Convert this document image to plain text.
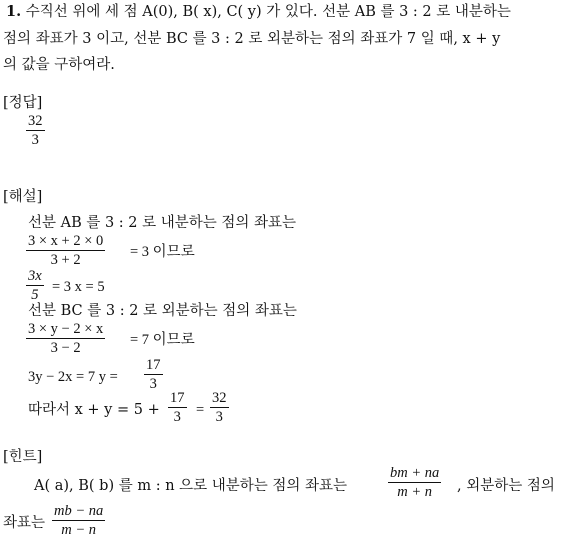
1. 수직선 위에 세 점 A(0), B( x), C( y) 가 있다. 선분 AB 를 3 : 2 로 내분하는
점의 좌표가 3 이고, 선분 BC 를 3 : 2 로 외분하는 점의 좌표가 7 일 때, x + y
의 값을 구하여라.
[정답]
32
3
[해설]
선분 AB 를 3 : 2 로 내분하는 점의 좌표는
3 × x + 2 × 0
3 + 2	= 3 이므로
3x
5 = 3 x = 5
선분 BC 를 3 : 2 로 외분하는 점의 좌표는
3 × y − 2 × x
3 − 2	= 7 이므로
3y − 2x = 7 y =
17
3
따라서 x + y = 5 +
17
3	=
32
3
[힌트]
A( a), B( b) 를 m : n 으로 내분하는 점의 좌표는
bm + na
m + n	, 외분하는 점의
좌표는
mb − na
m − n
